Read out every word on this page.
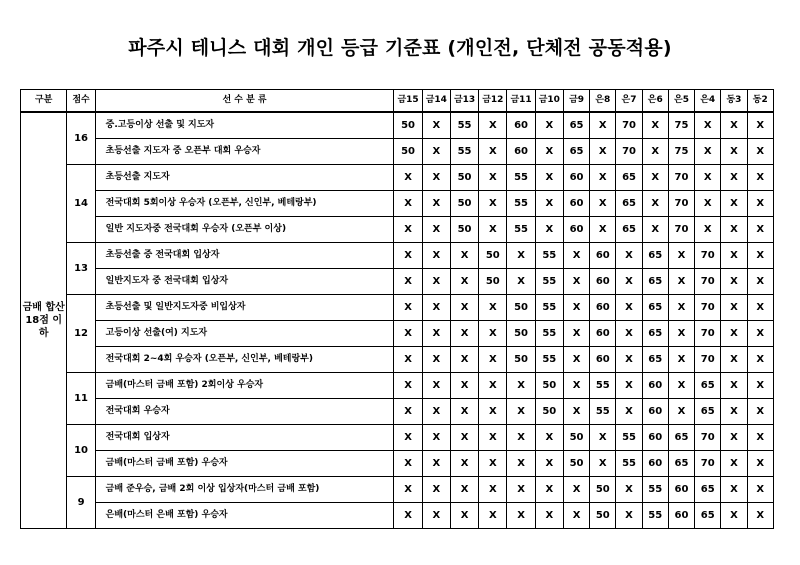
파주시 테니스 대회 개인 등급 기준표 (개인전, 단체전 공동적용)
구분	점수	선 수 분 류	금15	금14	금13	금12	금11	금10	금9	은8	은7	은6	은5	은4	동3	동2
금배 합산 18점 이하	16	중.고등이상 선출 및 지도자	50	X	55	X	60	X	65	X	70	X	75	X	X	X
		초등선출 지도자 중 오픈부 대회 우승자	50	X	55	X	60	X	65	X	70	X	75	X	X	X
	14	초등선출 지도자	X	X	50	X	55	X	60	X	65	X	70	X	X	X
		전국대회 5회이상 우승자 (오픈부, 신인부, 베테랑부)	X	X	50	X	55	X	60	X	65	X	70	X	X	X
		일반 지도자중 전국대회 우승자 (오픈부 이상)	X	X	50	X	55	X	60	X	65	X	70	X	X	X
	13	초등선출 중 전국대회 입상자	X	X	X	50	X	55	X	60	X	65	X	70	X	X
		일반지도자 중 전국대회 입상자	X	X	X	50	X	55	X	60	X	65	X	70	X	X
	12	초등선출 및 일반지도자중 비입상자	X	X	X	X	50	55	X	60	X	65	X	70	X	X
		고등이상 선출(여) 지도자	X	X	X	X	50	55	X	60	X	65	X	70	X	X
		전국대회 2~4회 우승자 (오픈부, 신인부, 베테랑부)	X	X	X	X	50	55	X	60	X	65	X	70	X	X
	11	금배(마스터 금배 포함) 2회이상 우승자	X	X	X	X	X	50	X	55	X	60	X	65	X	X
		전국대회 우승자	X	X	X	X	X	50	X	55	X	60	X	65	X	X
	10	전국대회 입상자	X	X	X	X	X	X	50	X	55	60	65	70	X	X
		금배(마스터 금배 포함) 우승자	X	X	X	X	X	X	50	X	55	60	65	70	X	X
	9	금배 준우승, 금배 2회 이상 입상자(마스터 금배 포함)	X	X	X	X	X	X	X	50	X	55	60	65	X	X
		은배(마스터 은배 포함) 우승자	X	X	X	X	X	X	X	50	X	55	60	65	X	X
